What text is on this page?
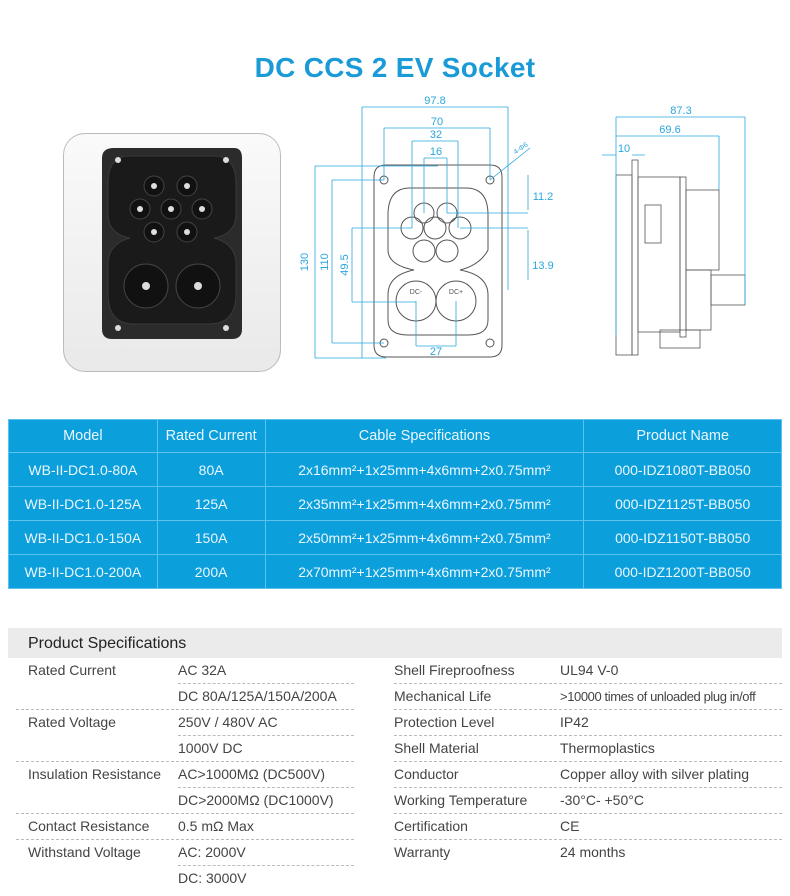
DC CCS 2 EV Socket
97.8
70
32
16	4-Φ6
11.2
13.9
130 110 49.5
27
DC-	DC+
87.3
69.6
10
Model	Rated Current	Cable Specifications	Product Name
WB-II-DC1.0-80A	80A	2x16mm²+1x25mm+4x6mm+2x0.75mm²	000-IDZ1080T-BB050
WB-II-DC1.0-125A	125A	2x35mm²+1x25mm+4x6mm+2x0.75mm²	000-IDZ1125T-BB050
WB-II-DC1.0-150A	150A	2x50mm²+1x25mm+4x6mm+2x0.75mm²	000-IDZ1150T-BB050
WB-II-DC1.0-200A	200A	2x70mm²+1x25mm+4x6mm+2x0.75mm²	000-IDZ1200T-BB050
Product Specifications
Rated Current	AC 32A
DC 80A/125A/150A/200A
Rated Voltage	250V / 480V AC
1000V DC
Insulation Resistance AC>1000MΩ (DC500V)
DC>2000MΩ (DC1000V)
Contact Resistance 0.5 mΩ Max
Withstand Voltage	AC: 2000V
DC: 3000V
Shell Fireproofness	UL94 V-0
Mechanical Life	>10000 times of unloaded plug in/off
Protection Level	IP42
Shell Material	Thermoplastics
Conductor	Copper alloy with silver plating
Working Temperature -30°C- +50°C
Certification	CE
Warranty	24 months
